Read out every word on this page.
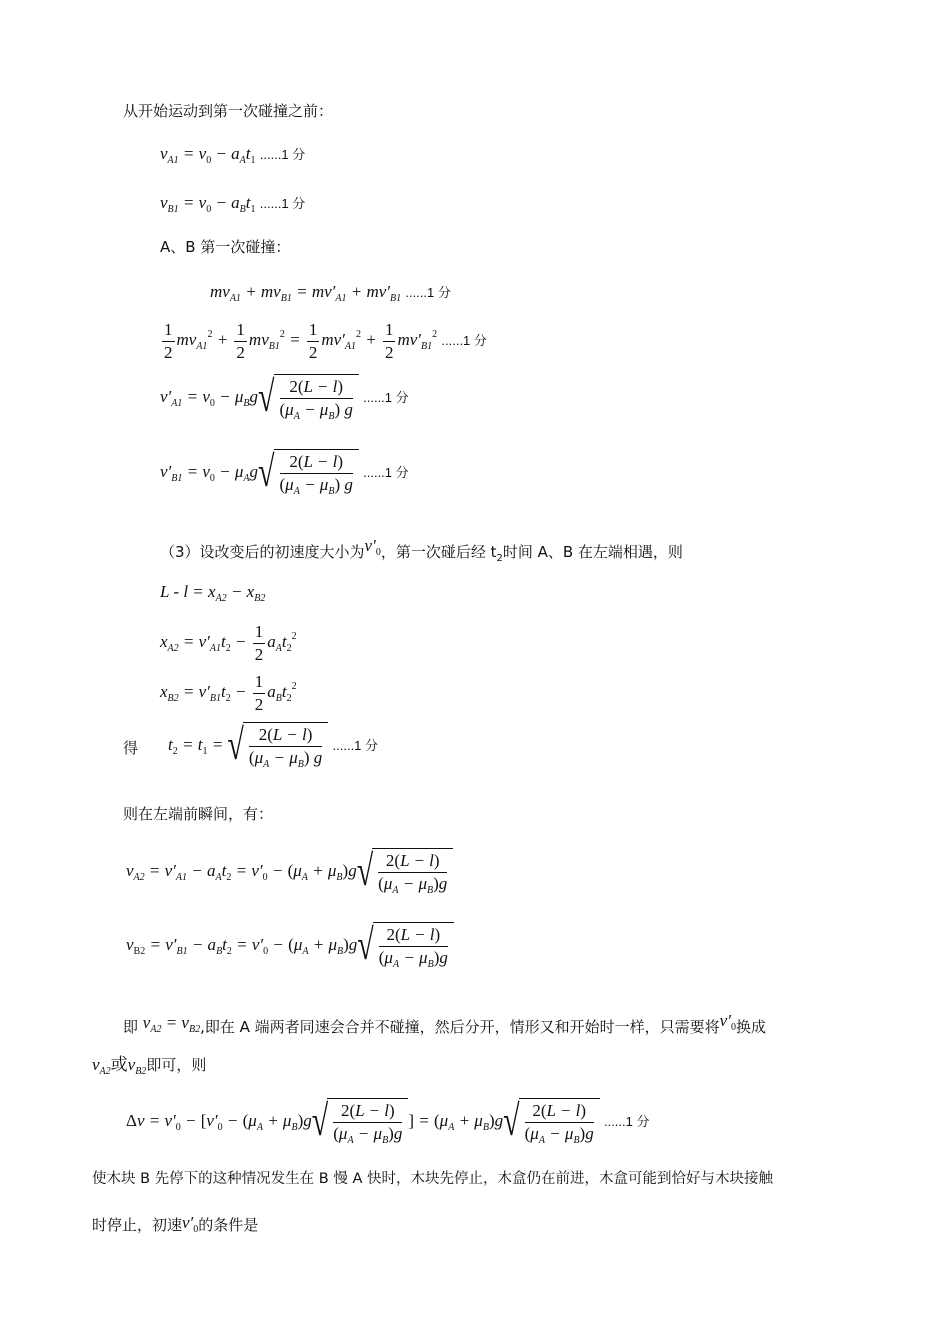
从开始运动到第一次碰撞之前：
$v_{A1} = v_0 - a_At_1$ ......1 分
$v_{B1} = v_0 - a_Bt_1$ ......1 分
A、B 第一次碰撞：
$mv_{A1} + mv_{B1} = mv'_{A1} + mv'_{B1}$ ......1 分
$\frac{1}{2} mv_{A1}^2 + \frac{1}{2} mv_{B1}^2 = \frac{1}{2} mv'_{A1}^2 + \frac{1}{2} mv'_{B1}^2$ ......1 分
$v'_{A1} = v_0 - \mu_Bg√ \frac{2(L - l)}{(\mu_A - \mu_B) g} ......1$ 分
$v'_{B1} = v_0 - \mu_Ag√ \frac{2(L - l)}{(\mu_A - \mu_B) g} ......1$ 分
（3）设改变后的初速度大小为$v'_0$，第一次碰后经 $t_2$时间 A、B 在左端相遇，则
$L - l = x_{A2} - x_{B2}$
$x_{A2} = v'_{A1}t_2 - \frac{1}{2} a_At_2^2$
$x_{B2} = v'_{B1}t_2 - \frac{1}{2} a_Bt_2^2$
得 $t_2 = t_1$ = √ $\frac{2(L - l)}{(\mu_A - \mu_B) g} ......1$ 分
则在左端前瞬间，有：
$v_{A2} = v'_{A1} - a_At_2 = v'_0 - (\mu_A + \mu_B)g√ \frac{2(L - l)}{(\mu_A - \mu_B)g}$
$v_{B2} = v'_{B1} - a_Bt_2 = v'_0 - (\mu_A + \mu_B)g√ \frac{2(L - l)}{(\mu_A - \mu_B)g}$
即 $v_{A2} = v_{B2}$,即在 A 端两者同速会合并不碰撞，然后分开，情形又和开始时一样，只需要将$v'_0$换成
$v_{A2}$或$v_{B2}$即可，则
$\Delta v = v'_0 - [v'_0 - (\mu_A + \mu_B)g√ \frac{2(L - l)}{(\mu_A - \mu_B)g}$ ] = $(\mu_A + \mu_B)g√ \frac{2(L - l)}{(\mu_A - \mu_B)g} ......1$ 分
使木块 B 先停下的这种情况发生在 B 慢 A 快时，木块先停止，木盒仍在前进，木盒可能到恰好与木块接触
时停止，初速$v'_0$的条件是
